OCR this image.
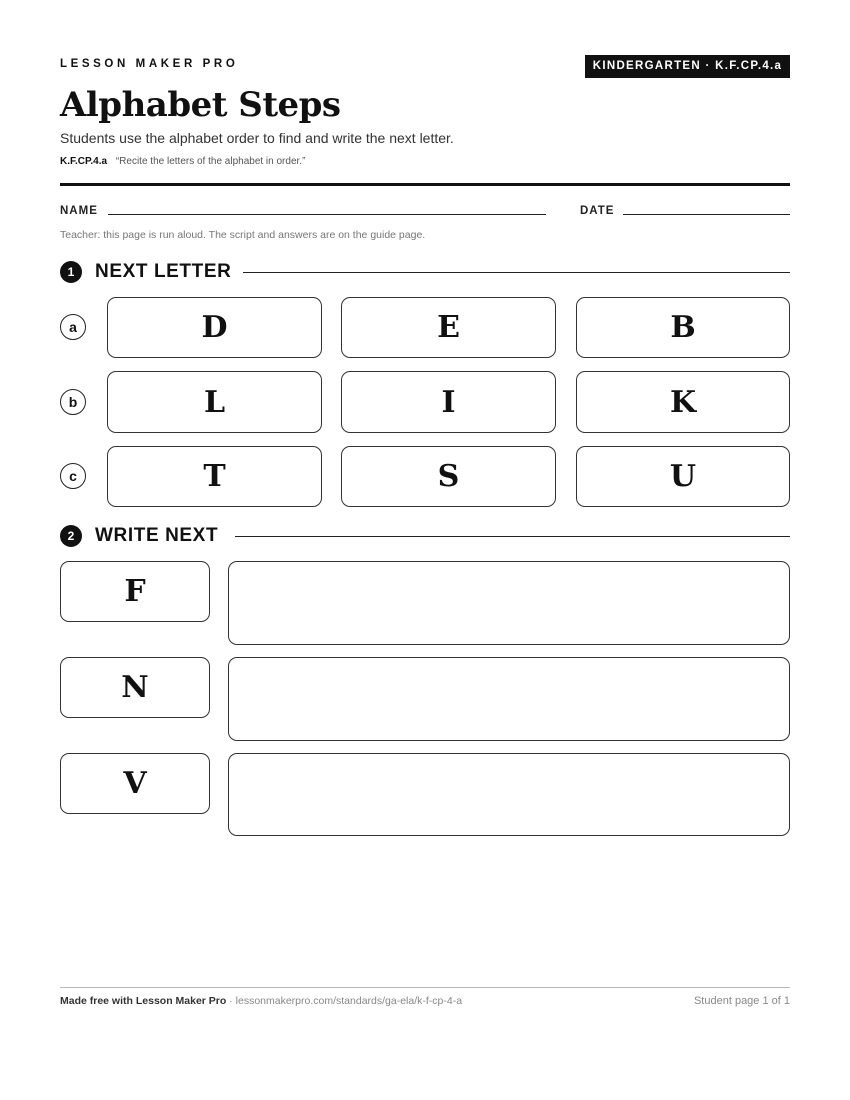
LESSON MAKER PRO	KINDERGARTEN · K.F.CP.4.a
Alphabet Steps

Students use the alphabet order to find and write the next letter.

K.F.CP.4.a “Recite the letters of the alphabet in order.”

NAME	DATE

Teacher: this page is run aloud. The script and answers are on the guide page.

1	NEXT LETTER
a	D	E	B
b	L	I	K
c	T	S	U
2	WRITE NEXT
F
N
V

Made free with Lesson Maker Pro · lessonmakerpro.com/standards/ga-ela/k-f-cp-4-a	Student page 1 of 1
